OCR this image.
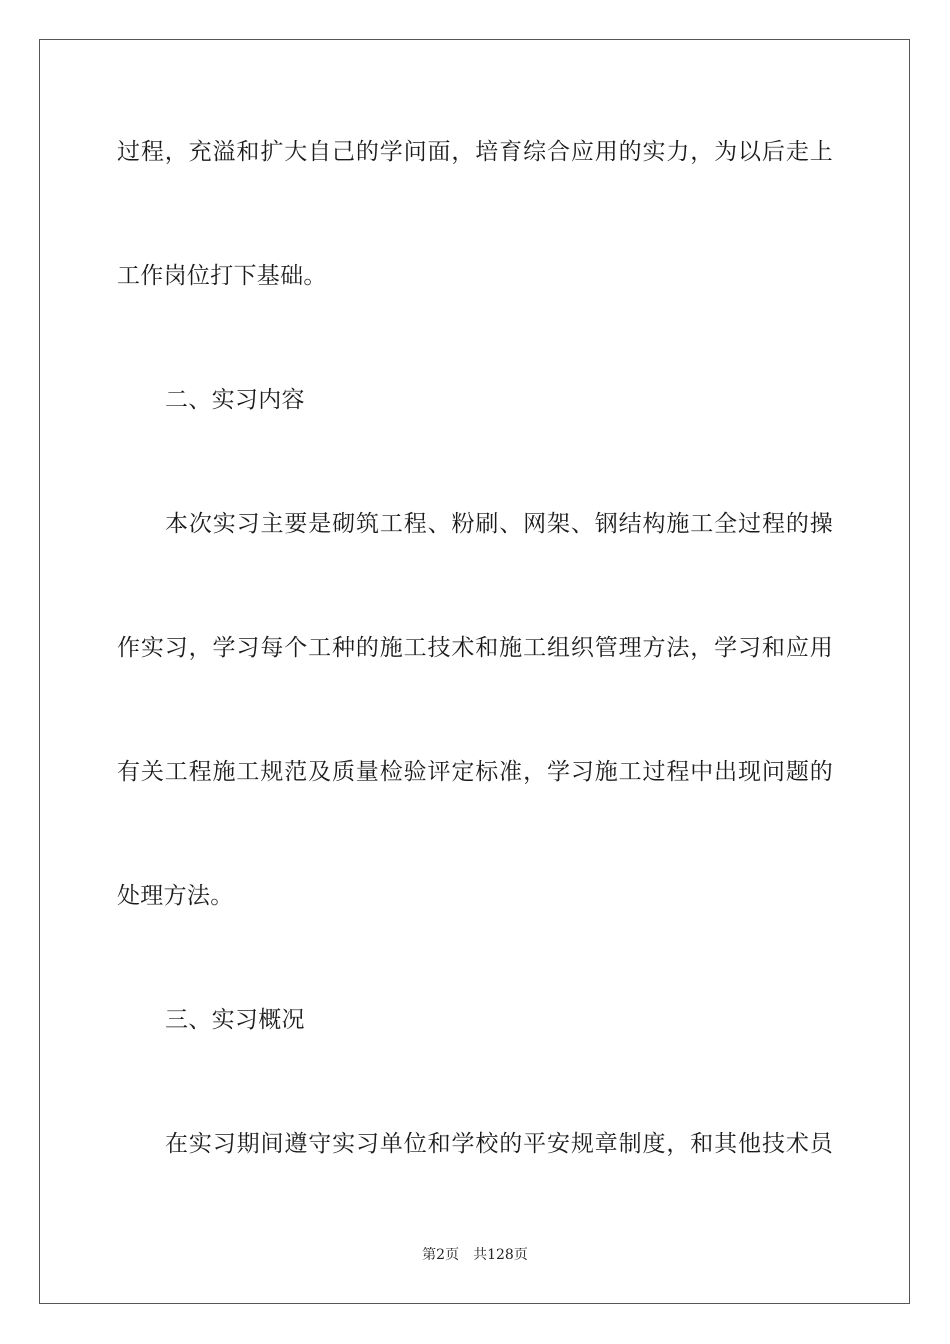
过程，充溢和扩大自己的学问面，培育综合应用的实力，为以后走上
工作岗位打下基础。
二、实习内容
本次实习主要是砌筑工程、粉刷、网架、钢结构施工全过程的操
作实习，学习每个工种的施工技术和施工组织管理方法，学习和应用
有关工程施工规范及质量检验评定标准，学习施工过程中出现问题的
处理方法。
三、实习概况
在实习期间遵守实习单位和学校的平安规章制度，和其他技术员
第2页 共128页
